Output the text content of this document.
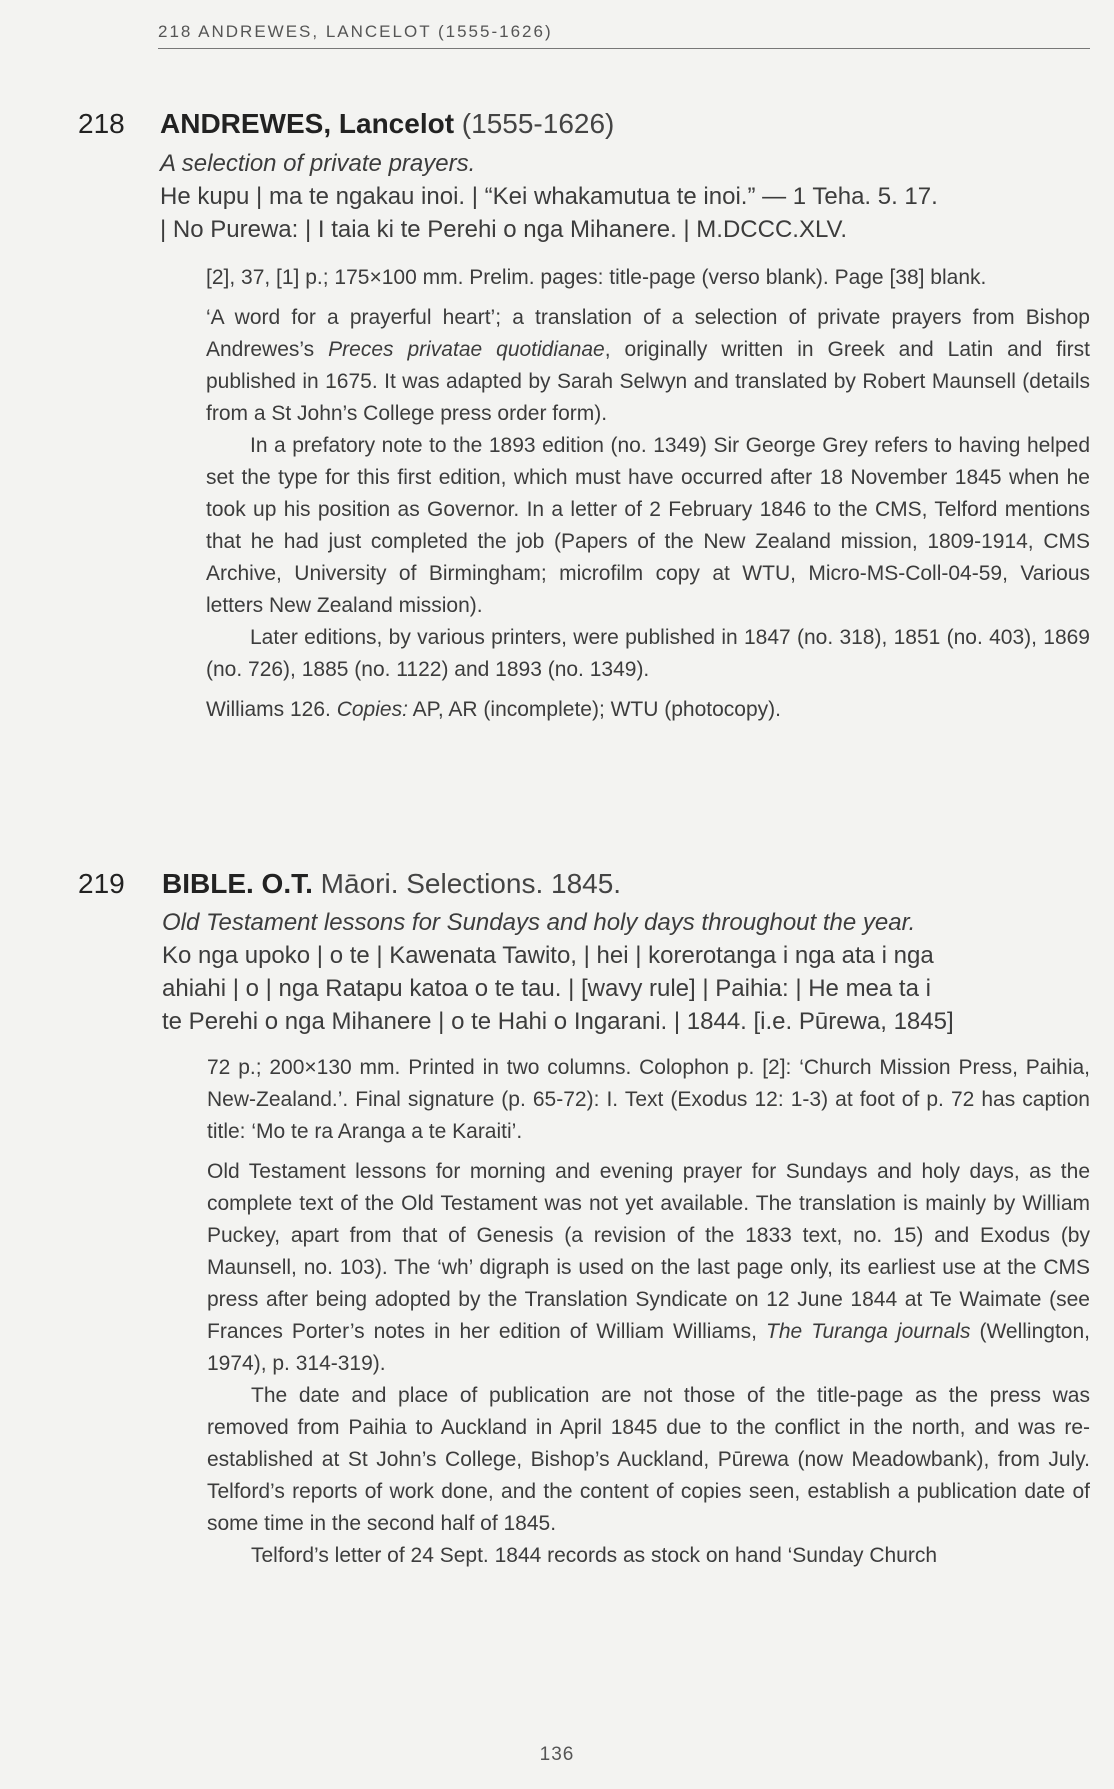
218 ANDREWES, LANCELOT (1555-1626)
218 ANDREWES, Lancelot (1555-1626)

A selection of private prayers.

He kupu | ma te ngakau inoi. | “Kei whakamutua te inoi.” — 1 Teha. 5. 17.

| No Purewa: | I taia ki te Perehi o nga Mihanere. | M.DCCC.XLV.

[2], 37, [1] p.; 175×100 mm. Prelim. pages: title-page (verso blank). Page [38] blank.

‘A word for a prayerful heart’; a translation of a selection of private prayers from Bishop Andrewes’s Preces privatae quotidianae, originally written in Greek and Latin and first published in 1675. It was adapted by Sarah Selwyn and translated by Robert Maunsell (details from a St John’s College press order form).

In a prefatory note to the 1893 edition (no. 1349) Sir George Grey refers to having helped set the type for this first edition, which must have occurred after 18 November 1845 when he took up his position as Governor. In a letter of 2 February 1846 to the CMS, Telford mentions that he had just completed the job (Papers of the New Zealand mission, 1809-1914, CMS Archive, University of Birmingham; microfilm copy at WTU, Micro-MS-Coll-04-59, Various letters New Zealand mission).

Later editions, by various printers, were published in 1847 (no. 318), 1851 (no. 403), 1869 (no. 726), 1885 (no. 1122) and 1893 (no. 1349).

Williams 126. Copies: AP, AR (incomplete); WTU (photocopy).

219 BIBLE. O.T. Māori. Selections. 1845.

Old Testament lessons for Sundays and holy days throughout the year.

Ko nga upoko | o te | Kawenata Tawito, | hei | korerotanga i nga ata i nga

ahiahi | o | nga Ratapu katoa o te tau. | [wavy rule] | Paihia: | He mea ta i

te Perehi o nga Mihanere | o te Hahi o Ingarani. | 1844. [i.e. Pūrewa, 1845]

72 p.; 200×130 mm. Printed in two columns. Colophon p. [2]: ‘Church Mission Press, Paihia, New-Zealand.’. Final signature (p. 65-72): I. Text (Exodus 12: 1-3) at foot of p. 72 has caption title: ‘Mo te ra Aranga a te Karaiti’.

Old Testament lessons for morning and evening prayer for Sundays and holy days, as the complete text of the Old Testament was not yet available. The translation is mainly by William Puckey, apart from that of Genesis (a revision of the 1833 text, no. 15) and Exodus (by Maunsell, no. 103). The ‘wh’ digraph is used on the last page only, its earliest use at the CMS press after being adopted by the Translation Syndicate on 12 June 1844 at Te Waimate (see Frances Porter’s notes in her edition of William Williams, The Turanga journals (Wellington, 1974), p. 314-319).

The date and place of publication are not those of the title-page as the press was removed from Paihia to Auckland in April 1845 due to the conflict in the north, and was re-established at St John’s College, Bishop’s Auckland, Pūrewa (now Meadowbank), from July. Telford’s reports of work done, and the content of copies seen, establish a publication date of some time in the second half of 1845.

Telford’s letter of 24 Sept. 1844 records as stock on hand ‘Sunday Church

136
